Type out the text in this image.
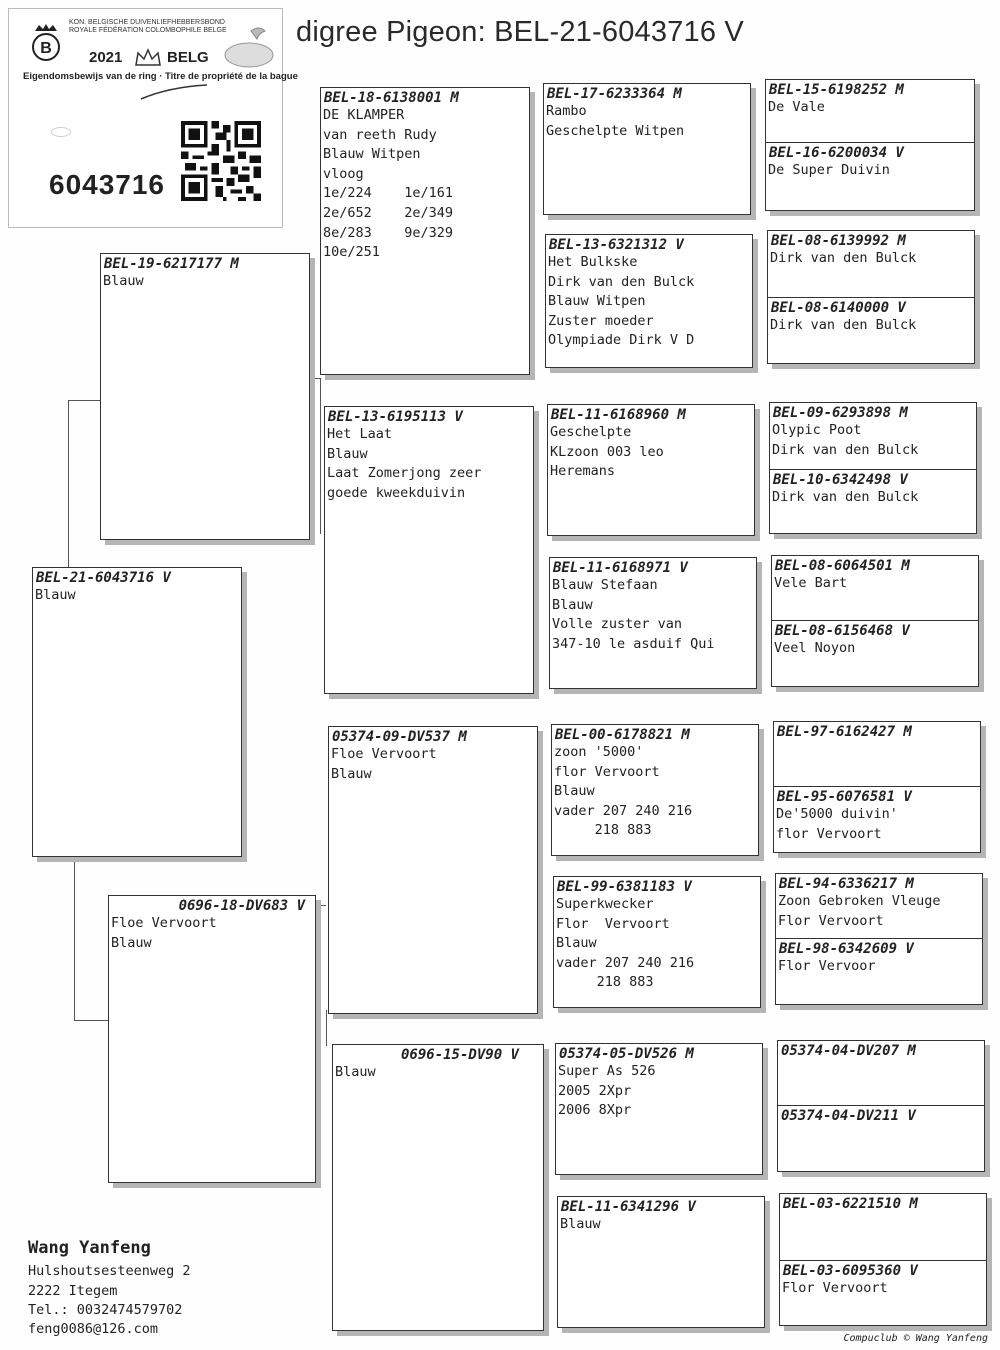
digree Pigeon: BEL-21-6043716 V
B
KON. BELGISCHE DUIVENLIEFHEBBERSBOND
ROYALE FÉDÉRATION COLOMBOPHILE BELGE
2021	BELG
Eigendomsbewijs van de ring · Titre de propriété de la bague
6043716
BEL-21-6043716 V
Blauw
BEL-19-6217177 M
Blauw
0696-18-DV683 V
Floe Vervoort
Blauw
BEL-18-6138001 M
DE KLAMPER
van reeth Rudy
Blauw Witpen
vloog
1e/224    1e/161
2e/652    2e/349
8e/283    9e/329
10e/251
BEL-13-6195113 V
Het Laat
Blauw
Laat Zomerjong zeer
goede kweekduivin
05374-09-DV537 M
Floe Vervoort
Blauw
0696-15-DV90 V
Blauw
BEL-17-6233364 M
Rambo
Geschelpte Witpen
BEL-13-6321312 V
Het Bulkske
Dirk van den Bulck
Blauw Witpen
Zuster moeder
Olympiade Dirk V D
BEL-11-6168960 M
Geschelpte
KLzoon 003 leo
Heremans
BEL-11-6168971 V
Blauw Stefaan
Blauw
Volle zuster van
347-10 le asduif Qui
BEL-00-6178821 M
zoon '5000'
flor Vervoort
Blauw
vader 207 240 216
218 883
BEL-99-6381183 V
Superkwecker
Flor  Vervoort
Blauw
vader 207 240 216
218 883
05374-05-DV526 M
Super As 526
2005 2Xpr
2006 8Xpr
BEL-11-6341296 V
Blauw
BEL-15-6198252 M
De Vale
BEL-16-6200034 V
De Super Duivin
BEL-08-6139992 M
Dirk van den Bulck
BEL-08-6140000 V
Dirk van den Bulck
BEL-09-6293898 M
Olypic Poot
Dirk van den Bulck
BEL-10-6342498 V
Dirk van den Bulck
BEL-08-6064501 M
Vele Bart
BEL-08-6156468 V
Veel Noyon
BEL-97-6162427 M
BEL-95-6076581 V
De'5000 duivin'
flor Vervoort
BEL-94-6336217 M
Zoon Gebroken Vleuge
Flor Vervoort
BEL-98-6342609 V
Flor Vervoor
05374-04-DV207 M
05374-04-DV211 V
BEL-03-6221510 M
BEL-03-6095360 V
Flor Vervoort
Wang Yanfeng
Hulshoutsesteenweg 2
2222 Itegem
Tel.: 0032474579702
feng0086@126.com
Compuclub © Wang Yanfeng
